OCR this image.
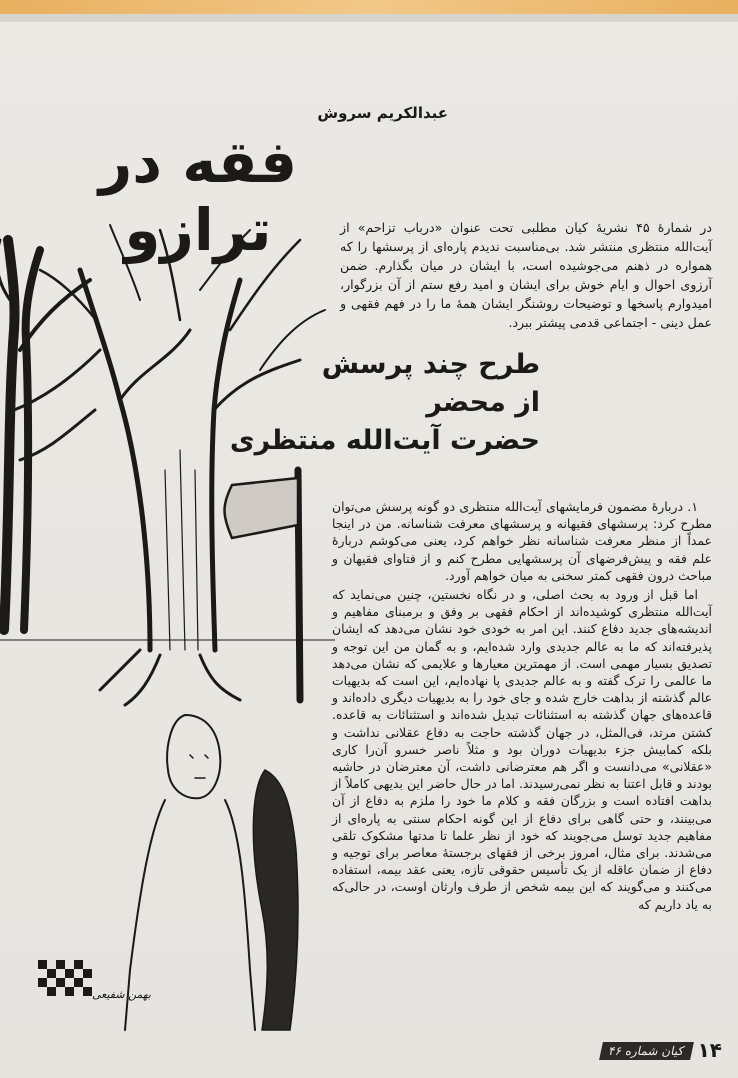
عبدالکریم سروش
فقه در ترازو	در شمارهٔ ۴۵ نشریهٔ کیان مطلبی تحت عنوان «درباب تزاحم» از آیت‌الله منتظری منتشر شد. بی‌مناسبت ندیدم پاره‌ای از پرسشها را که همواره در ذهنم می‌جوشیده است، با ایشان در میان بگذارم. ضمن آرزوی احوال و ایام خوش برای ایشان و امید رفع ستم از آن بزرگوار، امیدوارم پاسخها و توضیحات روشنگر ایشان همهٔ ما را در فهم فقهی و عمل دینی - اجتماعی قدمی پیشتر ببرد.
طرح چند پرسش
از محضر
حضرت آیت‌الله منتظری

۱. دربارهٔ مضمون فرمایشهای آیت‌الله منتظری دو گونه پرسش می‌توان مطرح کرد: پرسشهای فقیهانه و پرسشهای معرفت شناسانه. من در اینجا عمداً از منظر معرفت شناسانه نظر خواهم کرد، یعنی می‌کوشم دربارهٔ علم فقه و پیش‌فرضهای آن پرسشهایی مطرح کنم و از فتاوای فقیهان و مباحث درون فقهی کمتر سخنی به میان خواهم آورد.

اما قبل از ورود به بحث اصلی، و در نگاه نخستین، چنین می‌نماید که آیت‌الله منتظری کوشیده‌اند از احکام فقهی بر وفق و برمبنای مفاهیم و اندیشه‌های جدید دفاع کنند. این امر به خودی خود نشان می‌دهد که ایشان پذیرفته‌اند که ما به عالم جدیدی وارد شده‌ایم، و به گمان من این توجه و تصدیق بسیار مهمی است. از مهمترین معیارها و علایمی که نشان می‌دهد ما عالمی را ترک گفته و به عالم جدیدی پا نهاده‌ایم، این است که بدیهیات عالم گذشته از بداهت خارج شده و جای خود را به بدیهیات دیگری داده‌اند و قاعده‌های جهان گذشته به استثنائات تبدیل شده‌اند و استثنائات به قاعده. کشتن مرتد، فی‌المثل، در جهان گذشته حاجت به دفاع عقلانی نداشت و بلکه کمابیش جزء بدیهیات دوران بود و مثلاً ناصر خسرو آن‌را کاری «عقلانی» می‌دانست و اگر هم معترضانی داشت، آن معترضان در حاشیه بودند و قابل اعتنا به نظر نمی‌رسیدند. اما در حال حاضر این بدیهی کاملاً از بداهت افتاده است و بزرگان فقه و کلام ما خود را ملزم به دفاع از آن می‌بینند، و حتی گاهی برای دفاع از این گونه احکام سنتی به پاره‌ای از مفاهیم جدید توسل می‌جویند که خود از نظر علما تا مدتها مشکوک تلقی می‌شدند. برای مثال، امروز برخی از فقهای برجستهٔ معاصر برای توجیه و دفاع از ضمان عاقله از یک تأسیس حقوقی تازه، یعنی عقد بیمه، استفاده می‌کنند و می‌گویند که این بیمه شخص از طرف وارثان اوست، در حالی‌که به یاد داریم که

بهمن شفیعی
۱۴
کیان شماره ۴۶
